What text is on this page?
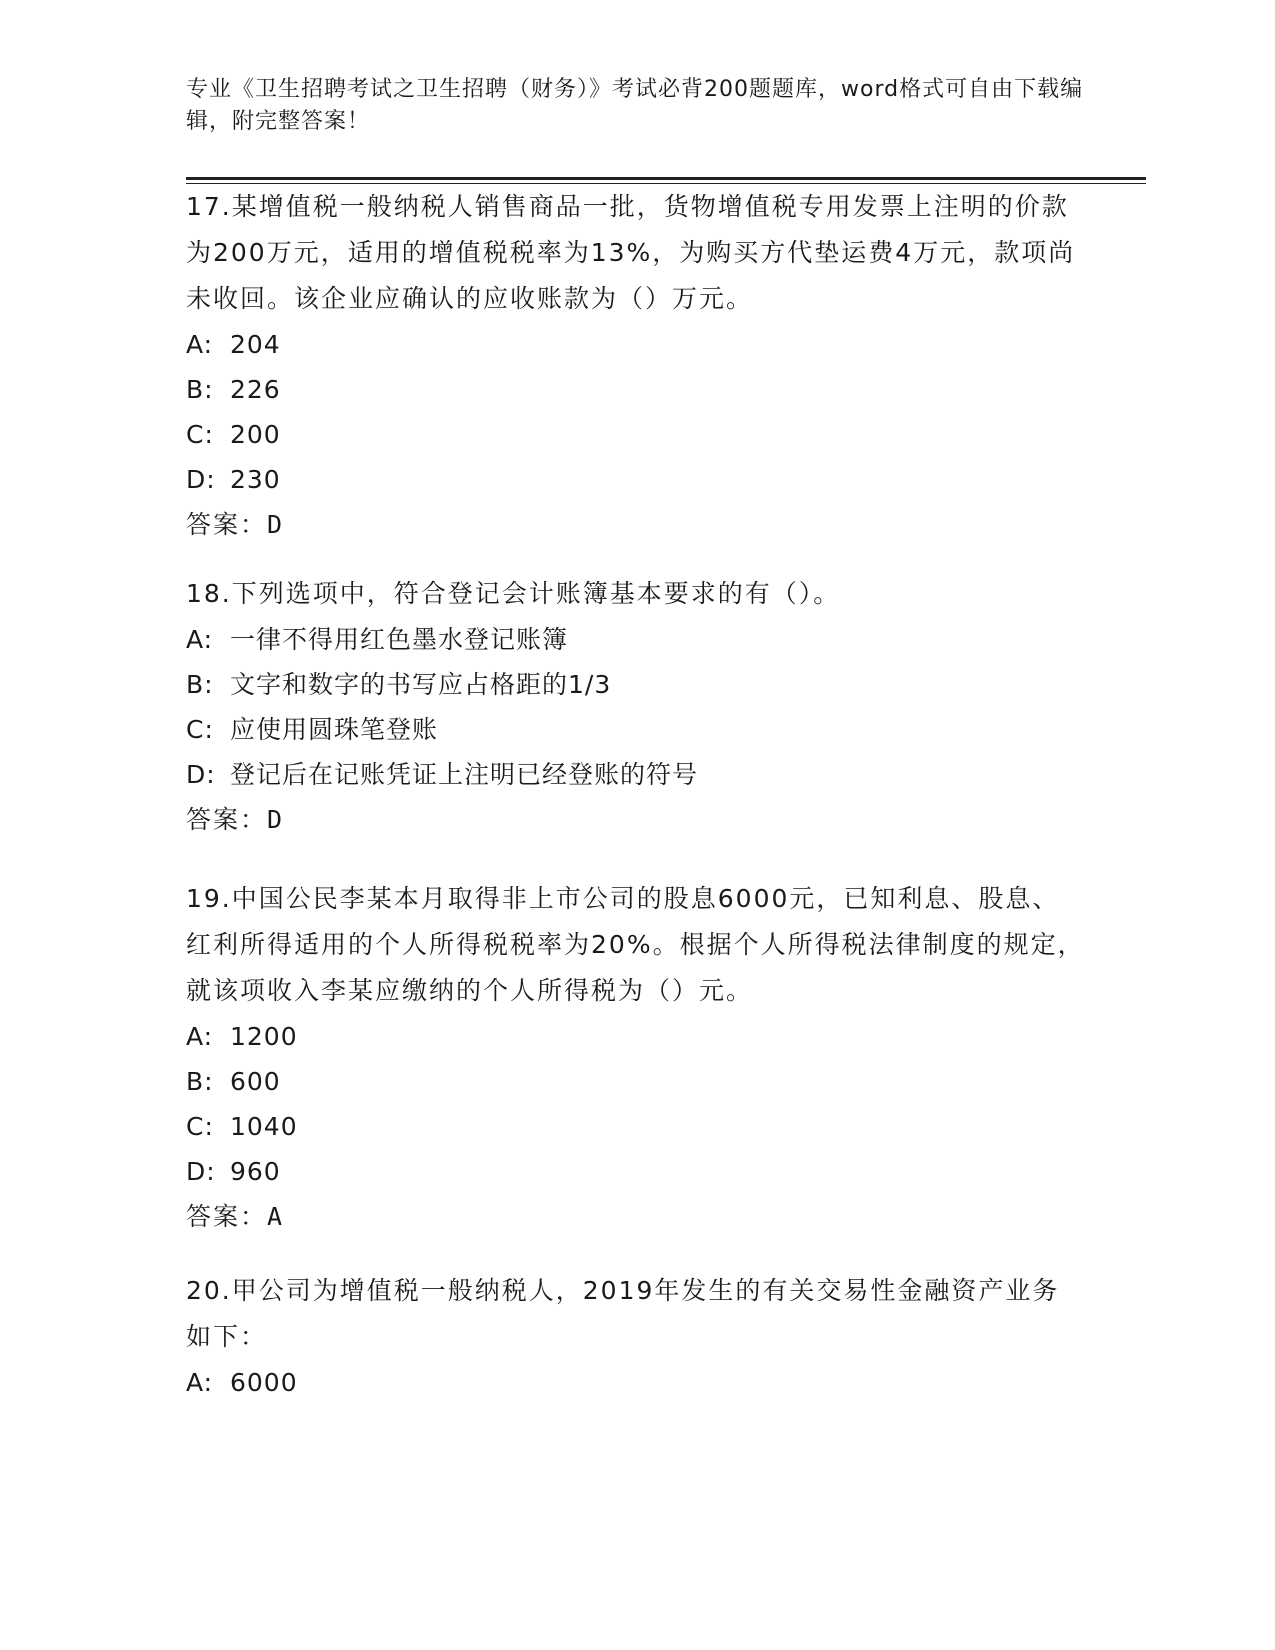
专业《卫生招聘考试之卫生招聘（财务）》考试必背200题题库，word格式可自由下载编辑，附完整答案！

17.某增值税一般纳税人销售商品一批，货物增值税专用发票上注明的价款为200万元，适用的增值税税率为13%，为购买方代垫运费4万元，款项尚未收回。该企业应确认的应收账款为（）万元。

A: 204
B: 226
C: 200
D: 230

答案：D

18.下列选项中，符合登记会计账簿基本要求的有（）。

A: 一律不得用红色墨水登记账簿
B: 文字和数字的书写应占格距的1/3
C: 应使用圆珠笔登账
D: 登记后在记账凭证上注明已经登账的符号

答案：D

19.中国公民李某本月取得非上市公司的股息6000元，已知利息、股息、红利所得适用的个人所得税税率为20%。根据个人所得税法律制度的规定，就该项收入李某应缴纳的个人所得税为（）元。

A: 1200
B: 600
C: 1040
D: 960

答案：A

20.甲公司为增值税一般纳税人，2019年发生的有关交易性金融资产业务如下：

A: 6000
